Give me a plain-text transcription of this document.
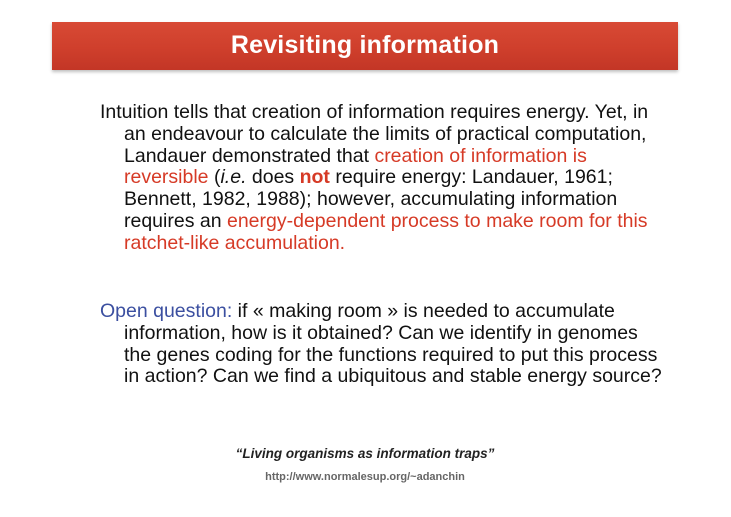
Revisiting information
Intuition tells that creation of information requires energy. Yet, in an endeavour to calculate the limits of practical computation, Landauer demonstrated that creation of information is reversible (i.e. does not require energy: Landauer, 1961; Bennett, 1982, 1988); however, accumulating information requires an energy-dependent process to make room for this ratchet-like accumulation.
Open question: if « making room » is needed to accumulate information, how is it obtained? Can we identify in genomes the genes coding for the functions required to put this process in action? Can we find a ubiquitous and stable energy source?
“Living organisms as information traps”
http://www.normalesup.org/~adanchin
